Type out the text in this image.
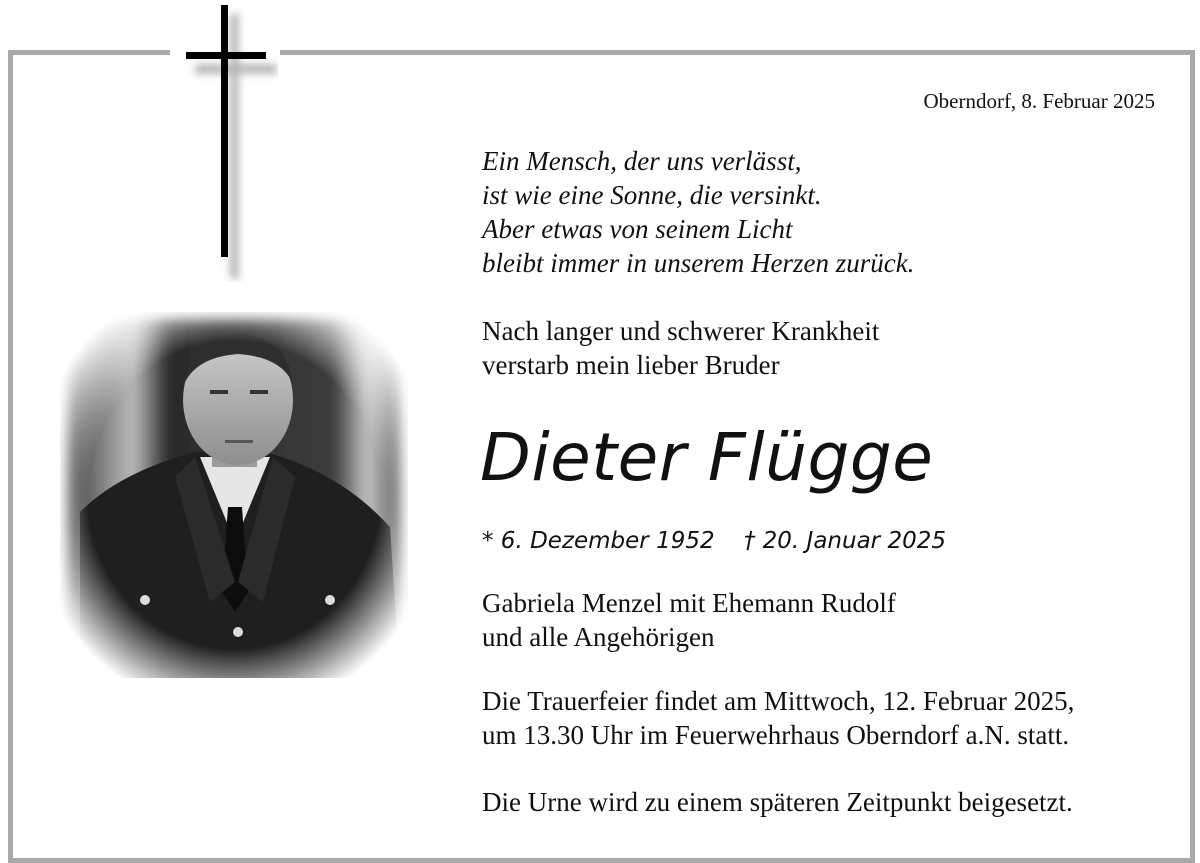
Oberndorf, 8. Februar 2025

Ein Mensch, der uns verlässt,
ist wie eine Sonne, die versinkt.
Aber etwas von seinem Licht
bleibt immer in unserem Herzen zurück.

Nach langer und schwerer Krankheit
verstarb mein lieber Bruder

Dieter Flügge
* 6. Dezember 1952 † 20. Januar 2025

Gabriela Menzel mit Ehemann Rudolf
und alle Angehörigen

Die Trauerfeier findet am Mittwoch, 12. Februar 2025,
um 13.30 Uhr im Feuerwehrhaus Oberndorf a.N. statt.

Die Urne wird zu einem späteren Zeitpunkt beigesetzt.
